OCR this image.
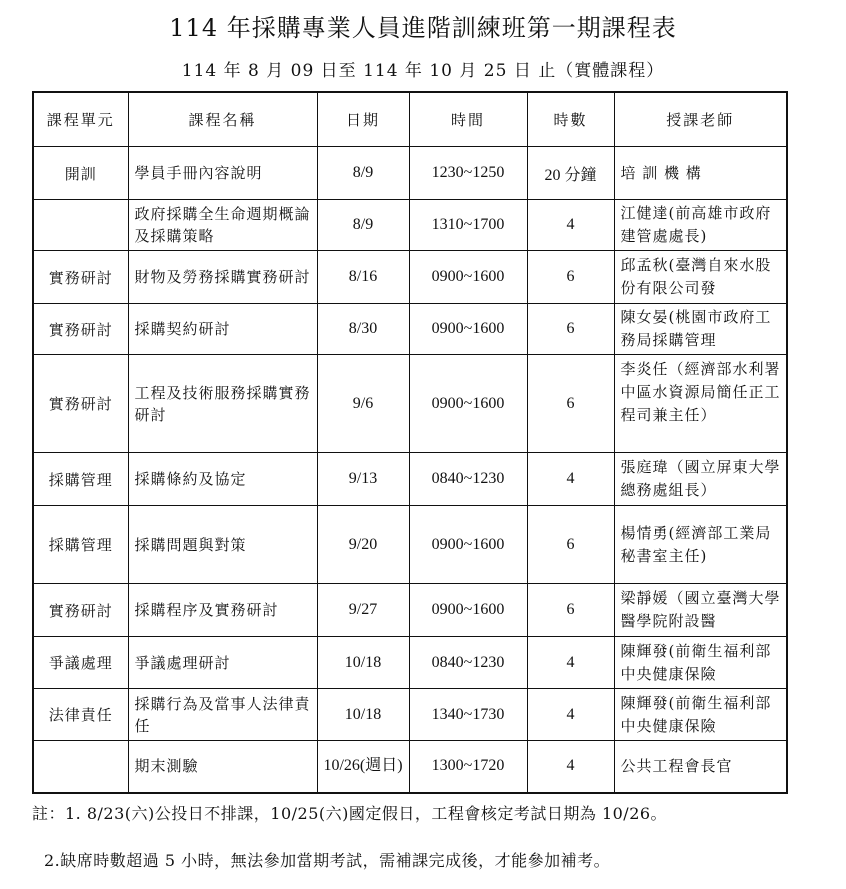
114 年採購專業人員進階訓練班第一期課程表
114 年 8 月 09 日至 114 年 10 月 25 日 止（實體課程）
課程單元	課程名稱	日期	時間	時數	授課老師
開訓	學員手冊內容說明	8/9	1230~1250	20 分鐘	培 訓 機 構

	政府採購全生命週期概論及採購策略	8/9	1310~1700	4	江健達(前高雄市政府建管處處長)

實務研討	財物及勞務採購實務研討	8/16	0900~1600	6	邱孟秋(臺灣自來水股份有限公司發

實務研討	採購契約研討	8/30	0900~1600	6	陳女晏(桃園市政府工務局採購管理

實務研討	工程及技術服務採購實務研討	9/6	0900~1600	6	李炎任（經濟部水利署中區水資源局簡任正工程司兼主任）

採購管理	採購條約及協定	9/13	0840~1230	4	張庭瑋（國立屏東大學總務處組長）

採購管理	採購問題與對策	9/20	0900~1600	6	楊情勇(經濟部工業局秘書室主任)

實務研討	採購程序及實務研討	9/27	0900~1600	6	梁靜媛（國立臺灣大學醫學院附設醫

爭議處理	爭議處理研討	10/18	0840~1230	4	陳輝發(前衛生福利部中央健康保險

法律責任	採購行為及當事人法律責任	10/18	1340~1730	4	陳輝發(前衛生福利部中央健康保險

	期末測驗	10/26(週日)	1300~1720	4	公共工程會長官
註：1. 8/23(六)公投日不排課，10/25(六)國定假日，工程會核定考試日期為 10/26。
2.缺席時數超過 5 小時，無法參加當期考試，需補課完成後，才能參加補考。
